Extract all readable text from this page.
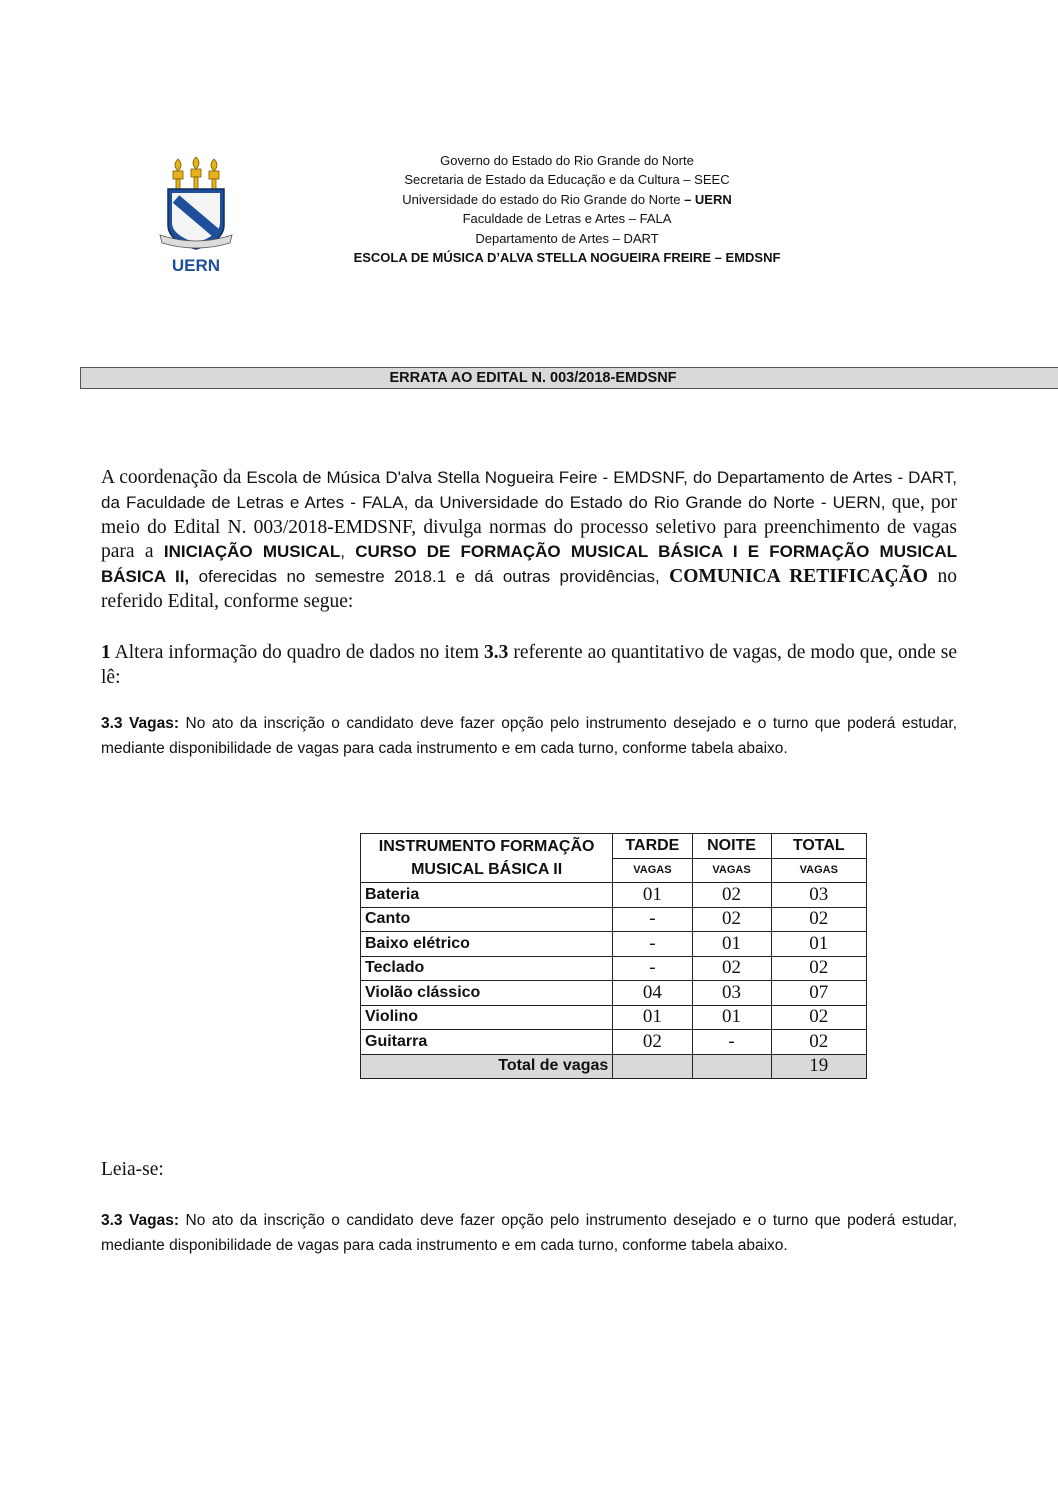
UERN
Governo do Estado do Rio Grande do Norte
Secretaria de Estado da Educação e da Cultura – SEEC
Universidade do estado do Rio Grande do Norte – UERN
Faculdade de Letras e Artes – FALA
Departamento de Artes – DART
ESCOLA DE MÚSICA D’ALVA STELLA NOGUEIRA FREIRE – EMDSNF
ERRATA AO EDITAL N. 003/2018-EMDSNF
A coordenação da Escola de Música D'alva Stella Nogueira Feire - EMDSNF, do Departamento de Artes - DART, da Faculdade de Letras e Artes - FALA, da Universidade do Estado do Rio Grande do Norte - UERN, que, por meio do Edital N. 003/2018-EMDSNF, divulga normas do processo seletivo para preenchimento de vagas para a INICIAÇÃO MUSICAL, CURSO DE FORMAÇÃO MUSICAL BÁSICA I E FORMAÇÃO MUSICAL BÁSICA II, oferecidas no semestre 2018.1 e dá outras providências, COMUNICA RETIFICAÇÃO no referido Edital, conforme segue:
1 Altera informação do quadro de dados no item 3.3 referente ao quantitativo de vagas, de modo que, onde se lê:
3.3 Vagas: No ato da inscrição o candidato deve fazer opção pelo instrumento desejado e o turno que poderá estudar, mediante disponibilidade de vagas para cada instrumento e em cada turno, conforme tabela abaixo.
INSTRUMENTO FORMAÇÃO MUSICAL BÁSICA II	TARDE	NOITE	TOTAL
	VAGAS	VAGAS	VAGAS
Bateria	01	02	03
Canto	-	02	02
Baixo elétrico	-	01	01
Teclado	-	02	02
Violão clássico	04	03	07
Violino	01	01	02
Guitarra	02	-	02
Total de vagas			19
Leia-se:
3.3 Vagas: No ato da inscrição o candidato deve fazer opção pelo instrumento desejado e o turno que poderá estudar, mediante disponibilidade de vagas para cada instrumento e em cada turno, conforme tabela abaixo.
